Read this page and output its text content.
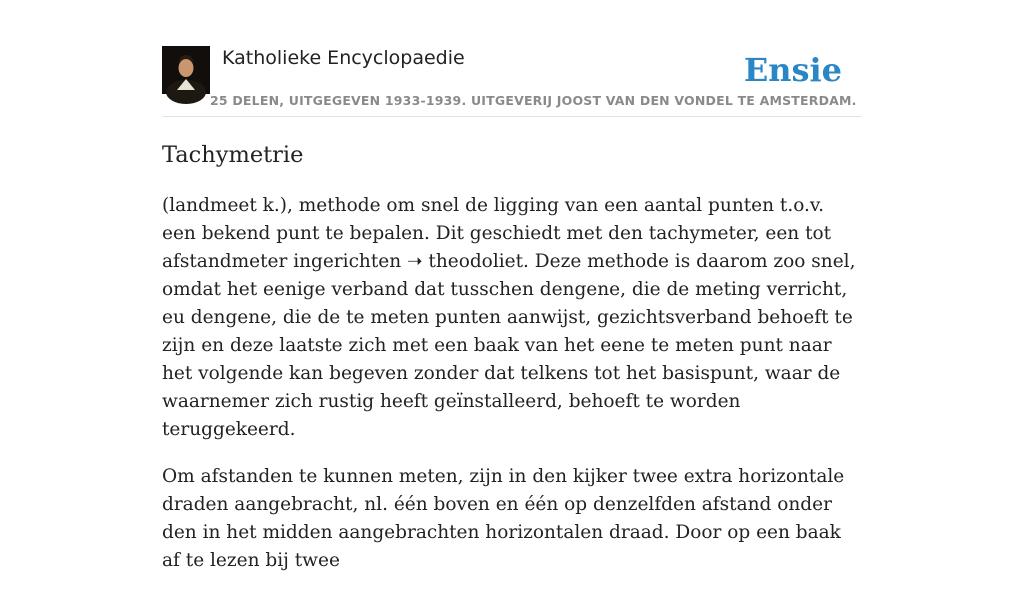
Katholieke Encyclopaedie
25 DELEN, UITGEGEVEN 1933-1939. UITGEVERIJ JOOST VAN DEN VONDEL TE AMSTERDAM.
Ensie
Tachymetrie

(landmeet k.), methode om snel de ligging van een aantal punten t.o.v. een bekend punt te bepalen. Dit geschiedt met den tachymeter, een tot afstandmeter ingerichten ➝ theodoliet. Deze methode is daarom zoo snel, omdat het eenige verband dat tusschen dengene, die de meting verricht, eu dengene, die de te meten punten aanwijst, gezichtsverband behoeft te zijn en deze laatste zich met een baak van het eene te meten punt naar het volgende kan begeven zonder dat telkens tot het basispunt, waar de waarnemer zich rustig heeft geïnstalleerd, behoeft te worden teruggekeerd.

Om afstanden te kunnen meten, zijn in den kijker twee extra horizontale draden aangebracht, nl. één boven en één op denzelfden afstand onder den in het midden aangebrachten horizontalen draad. Door op een baak af te lezen bij twee
